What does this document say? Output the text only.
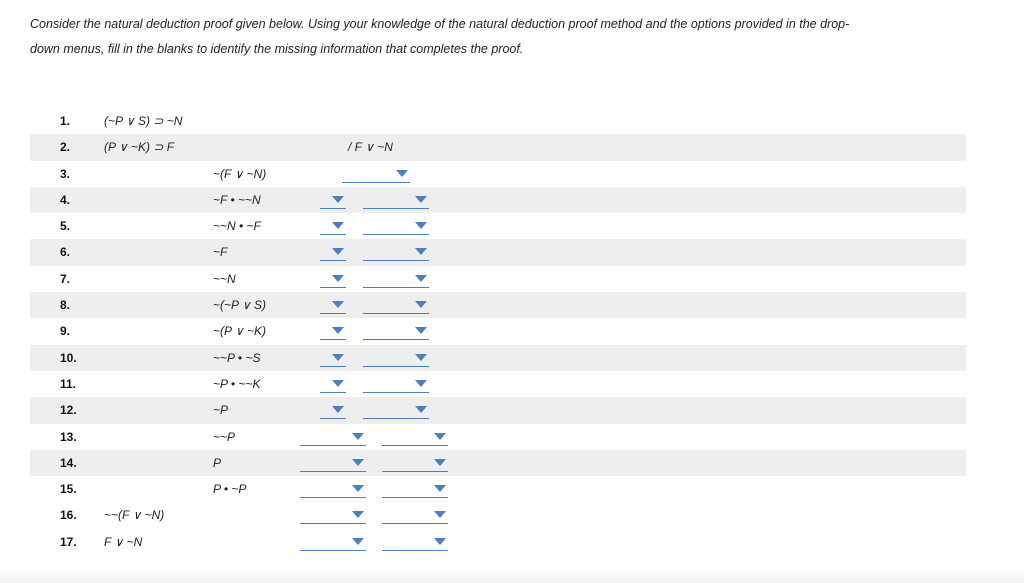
Consider the natural deduction proof given below. Using your knowledge of the natural deduction proof method and the options provided in the drop-
down menus, fill in the blanks to identify the missing information that completes the proof.
1.	(~P ∨ S) ⊃ ~N
2.	(P ∨ ~K) ⊃ F	/ F ∨ ~N
3.	~(F ∨ ~N)
4.	~F • ~~N
5.	~~N • ~F
6.	~F
7.	~~N
8.	~(~P ∨ S)
9.	~(P ∨ ~K)
10.	~~P • ~S
11.	~P • ~~K
12.	~P
13.	~~P
14.	P
15.	P • ~P
16. ~~(F ∨ ~N)
17. F ∨ ~N
